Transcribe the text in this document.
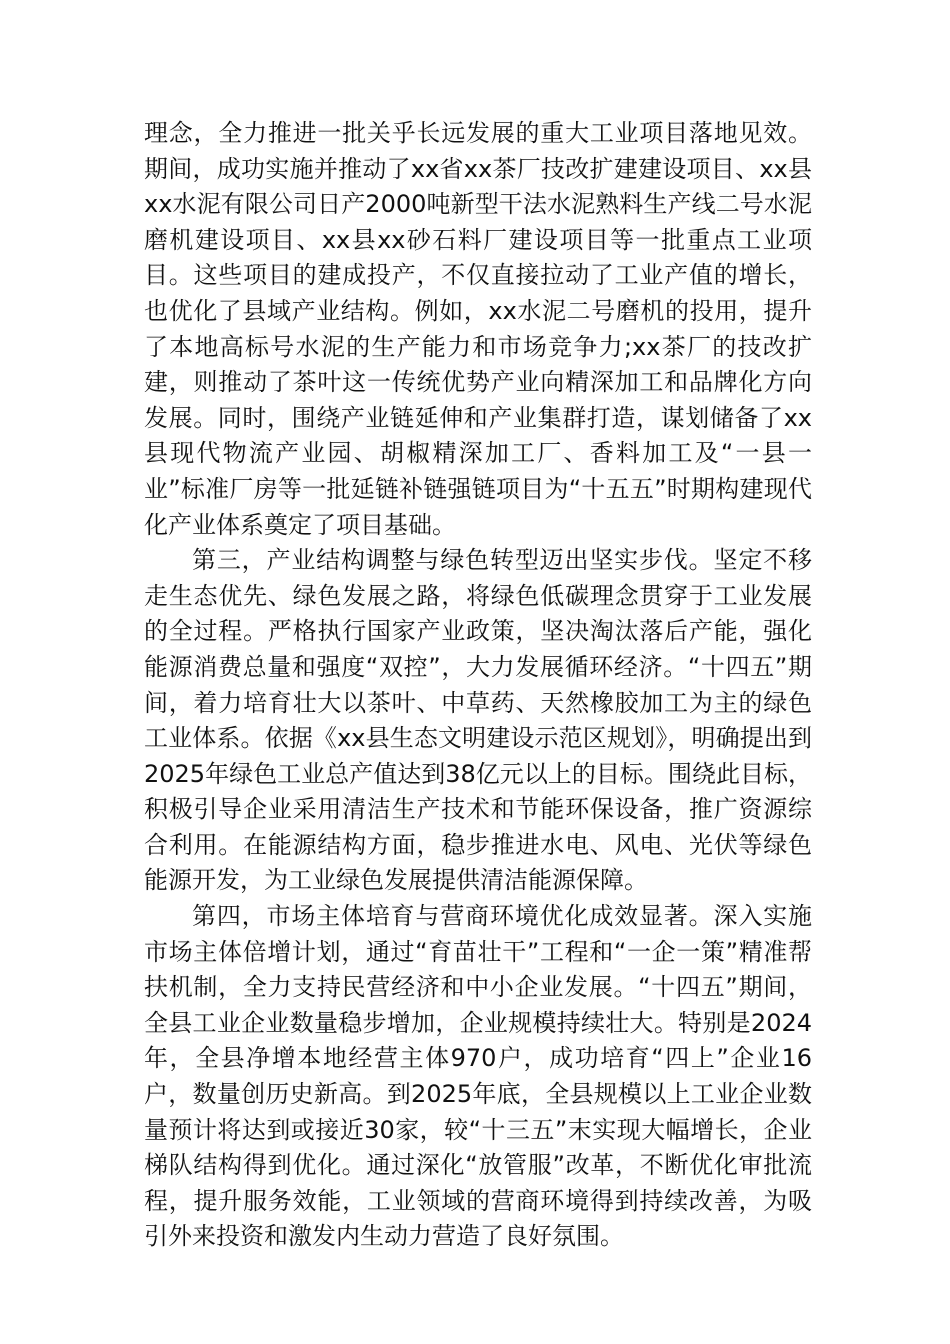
理念，全力推进一批关乎长远发展的重大工业项目落地见效。期间，成功实施并推动了xx省xx茶厂技改扩建建设项目、xx县xx水泥有限公司日产2000吨新型干法水泥熟料生产线二号水泥磨机建设项目、xx县xx砂石料厂建设项目等一批重点工业项目。这些项目的建成投产，不仅直接拉动了工业产值的增长，也优化了县域产业结构。例如，xx水泥二号磨机的投用，提升了本地高标号水泥的生产能力和市场竞争力;xx茶厂的技改扩建，则推动了茶叶这一传统优势产业向精深加工和品牌化方向发展。同时，围绕产业链延伸和产业集群打造，谋划储备了xx县现代物流产业园、胡椒精深加工厂、香料加工及“一县一业”标准厂房等一批延链补链强链项目为“十五五”时期构建现代化产业体系奠定了项目基础。

第三，产业结构调整与绿色转型迈出坚实步伐。坚定不移走生态优先、绿色发展之路，将绿色低碳理念贯穿于工业发展的全过程。严格执行国家产业政策，坚决淘汰落后产能，强化能源消费总量和强度“双控”，大力发展循环经济。“十四五”期间，着力培育壮大以茶叶、中草药、天然橡胶加工为主的绿色工业体系。依据《xx县生态文明建设示范区规划》，明确提出到2025年绿色工业总产值达到38亿元以上的目标。围绕此目标，积极引导企业采用清洁生产技术和节能环保设备，推广资源综合利用。在能源结构方面，稳步推进水电、风电、光伏等绿色能源开发，为工业绿色发展提供清洁能源保障。

第四，市场主体培育与营商环境优化成效显著。深入实施市场主体倍增计划，通过“育苗壮干”工程和“一企一策”精准帮扶机制，全力支持民营经济和中小企业发展。“十四五”期间，全县工业企业数量稳步增加，企业规模持续壮大。特别是2024年，全县净增本地经营主体970户，成功培育“四上”企业16户，数量创历史新高。到2025年底，全县规模以上工业企业数量预计将达到或接近30家，较“十三五”末实现大幅增长，企业梯队结构得到优化。通过深化“放管服”改革，不断优化审批流程，提升服务效能，工业领域的营商环境得到持续改善，为吸引外来投资和激发内生动力营造了良好氛围。
